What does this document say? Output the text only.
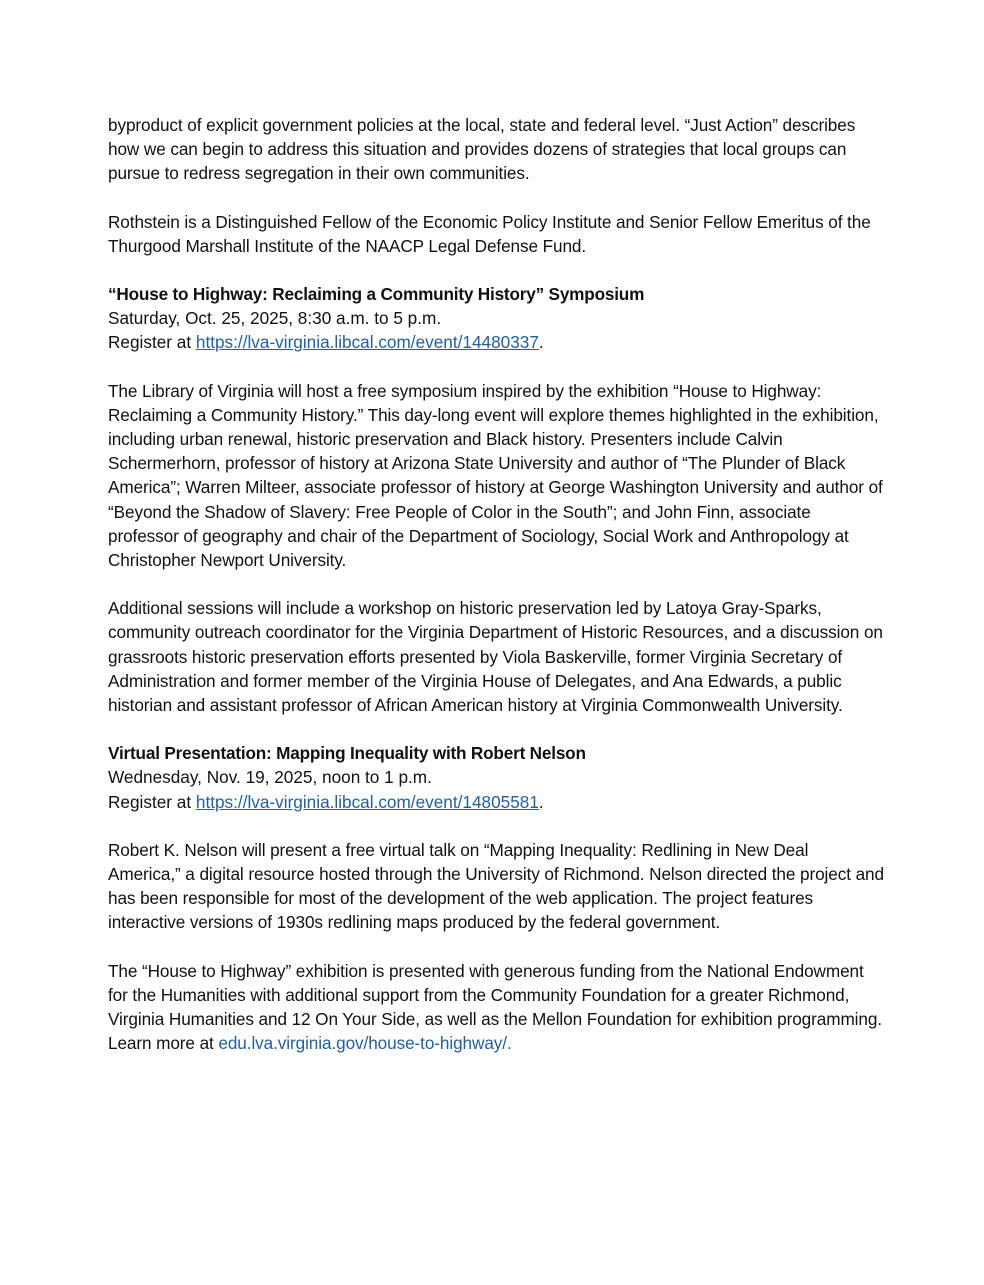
byproduct of explicit government policies at the local, state and federal level. “Just Action” describes how we can begin to address this situation and provides dozens of strategies that local groups can pursue to redress segregation in their own communities.

Rothstein is a Distinguished Fellow of the Economic Policy Institute and Senior Fellow Emeritus of the Thurgood Marshall Institute of the NAACP Legal Defense Fund.

“House to Highway: Reclaiming a Community History” Symposium

Saturday, Oct. 25, 2025, 8:30 a.m. to 5 p.m.

Register at https://lva-virginia.libcal.com/event/14480337.

The Library of Virginia will host a free symposium inspired by the exhibition “House to Highway: Reclaiming a Community History.” This day-long event will explore themes highlighted in the exhibition, including urban renewal, historic preservation and Black history. Presenters include Calvin Schermerhorn, professor of history at Arizona State University and author of “The Plunder of Black America”; Warren Milteer, associate professor of history at George Washington University and author of “Beyond the Shadow of Slavery: Free People of Color in the South”; and John Finn, associate professor of geography and chair of the Department of Sociology, Social Work and Anthropology at Christopher Newport University.

Additional sessions will include a workshop on historic preservation led by Latoya Gray-Sparks, community outreach coordinator for the Virginia Department of Historic Resources, and a discussion on grassroots historic preservation efforts presented by Viola Baskerville, former Virginia Secretary of Administration and former member of the Virginia House of Delegates, and Ana Edwards, a public historian and assistant professor of African American history at Virginia Commonwealth University.

Virtual Presentation: Mapping Inequality with Robert Nelson

Wednesday, Nov. 19, 2025, noon to 1 p.m.

Register at https://lva-virginia.libcal.com/event/14805581.

Robert K. Nelson will present a free virtual talk on “Mapping Inequality: Redlining in New Deal America,” a digital resource hosted through the University of Richmond. Nelson directed the project and has been responsible for most of the development of the web application. The project features interactive versions of 1930s redlining maps produced by the federal government.

The “House to Highway” exhibition is presented with generous funding from the National Endowment for the Humanities with additional support from the Community Foundation for a greater Richmond, Virginia Humanities and 12 On Your Side, as well as the Mellon Foundation for exhibition programming. Learn more at edu.lva.virginia.gov/house-to-highway/.
